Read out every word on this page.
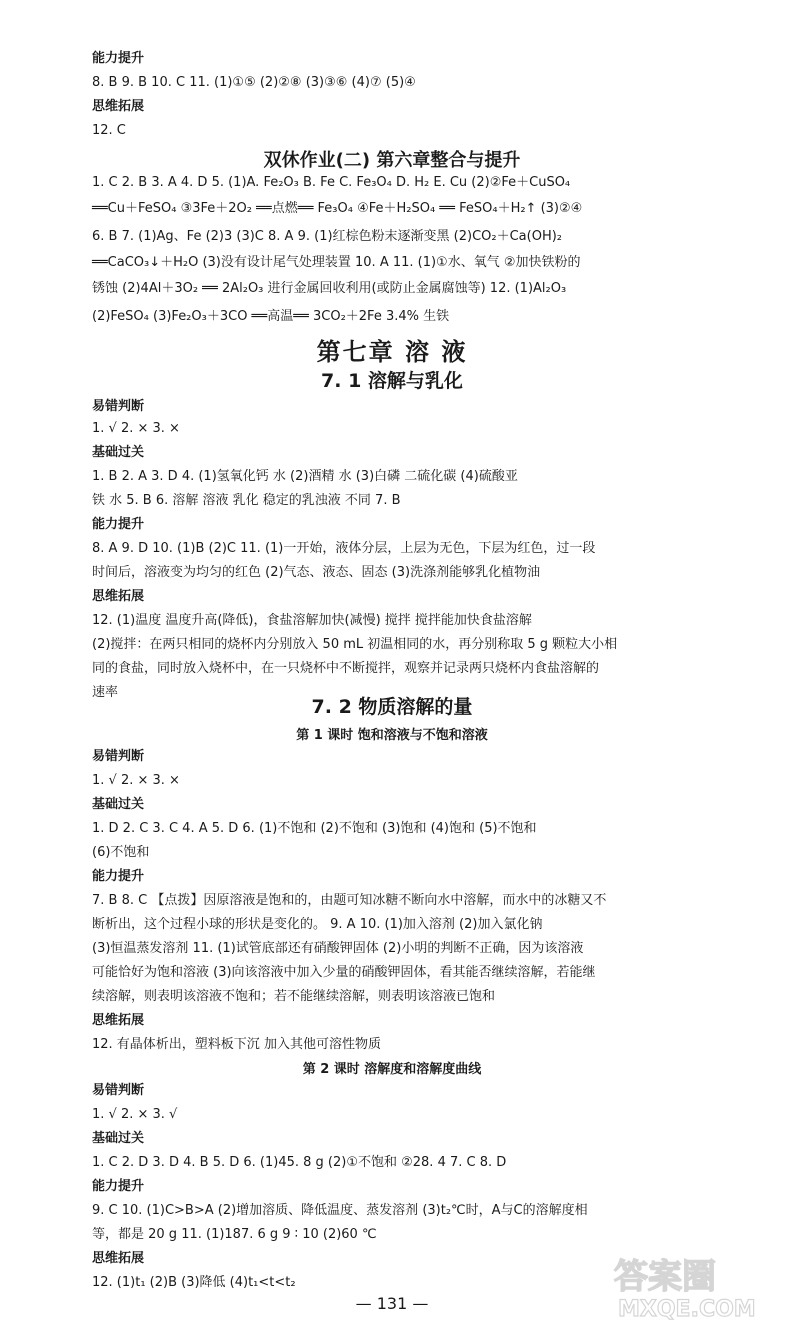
能力提升
8. B 9. B 10. C 11. (1)①⑤ (2)②⑧ (3)③⑥ (4)⑦ (5)④
思维拓展
12. C
双休作业(二) 第六章整合与提升
1. C 2. B 3. A 4. D 5. (1)A. Fe₂O₃ B. Fe C. Fe₃O₄ D. H₂ E. Cu (2)②Fe＋CuSO₄
══Cu＋FeSO₄ ③3Fe＋2O₂ ══点燃══ Fe₃O₄ ④Fe＋H₂SO₄ ══ FeSO₄＋H₂↑ (3)②④
6. B 7. (1)Ag、Fe (2)3 (3)C 8. A 9. (1)红棕色粉末逐渐变黑 (2)CO₂＋Ca(OH)₂
══CaCO₃↓＋H₂O (3)没有设计尾气处理装置 10. A 11. (1)①水、氧气 ②加快铁粉的
锈蚀 (2)4Al＋3O₂ ══ 2Al₂O₃ 进行金属回收利用(或防止金属腐蚀等) 12. (1)Al₂O₃
(2)FeSO₄ (3)Fe₂O₃＋3CO ══高温══ 3CO₂＋2Fe 3.4% 生铁
第七章 溶 液
7. 1 溶解与乳化
易错判断
1. √ 2. × 3. ×
基础过关
1. B 2. A 3. D 4. (1)氢氧化钙 水 (2)酒精 水 (3)白磷 二硫化碳 (4)硫酸亚
铁 水 5. B 6. 溶解 溶液 乳化 稳定的乳浊液 不同 7. B
能力提升
8. A 9. D 10. (1)B (2)C 11. (1)一开始，液体分层，上层为无色，下层为红色，过一段
时间后，溶液变为均匀的红色 (2)气态、液态、固态 (3)洗涤剂能够乳化植物油
思维拓展
12. (1)温度 温度升高(降低)，食盐溶解加快(减慢) 搅拌 搅拌能加快食盐溶解
(2)搅拌：在两只相同的烧杯内分别放入 50 mL 初温相同的水，再分别称取 5 g 颗粒大小相
同的食盐，同时放入烧杯中，在一只烧杯中不断搅拌，观察并记录两只烧杯内食盐溶解的
速率
7. 2 物质溶解的量
第 1 课时 饱和溶液与不饱和溶液
易错判断
1. √ 2. × 3. ×
基础过关
1. D 2. C 3. C 4. A 5. D 6. (1)不饱和 (2)不饱和 (3)饱和 (4)饱和 (5)不饱和
(6)不饱和
能力提升
7. B 8. C 【点拨】因原溶液是饱和的，由题可知冰糖不断向水中溶解，而水中的冰糖又不
断析出，这个过程小球的形状是变化的。 9. A 10. (1)加入溶剂 (2)加入氯化钠
(3)恒温蒸发溶剂 11. (1)试管底部还有硝酸钾固体 (2)小明的判断不正确，因为该溶液
可能恰好为饱和溶液 (3)向该溶液中加入少量的硝酸钾固体，看其能否继续溶解，若能继
续溶解，则表明该溶液不饱和；若不能继续溶解，则表明该溶液已饱和
思维拓展
12. 有晶体析出，塑料板下沉 加入其他可溶性物质
第 2 课时 溶解度和溶解度曲线
易错判断
1. √ 2. × 3. √
基础过关
1. C 2. D 3. D 4. B 5. D 6. (1)45. 8 g (2)①不饱和 ②28. 4 7. C 8. D
能力提升
9. C 10. (1)C>B>A (2)增加溶质、降低温度、蒸发溶剂 (3)t₂℃时，A与C的溶解度相
等，都是 20 g 11. (1)187. 6 g 9 ∶ 10 (2)60 ℃
思维拓展
12. (1)t₁ (2)B (3)降低 (4)t₁<t<t₂
— 131 —
答案圈
MXQE.COM
